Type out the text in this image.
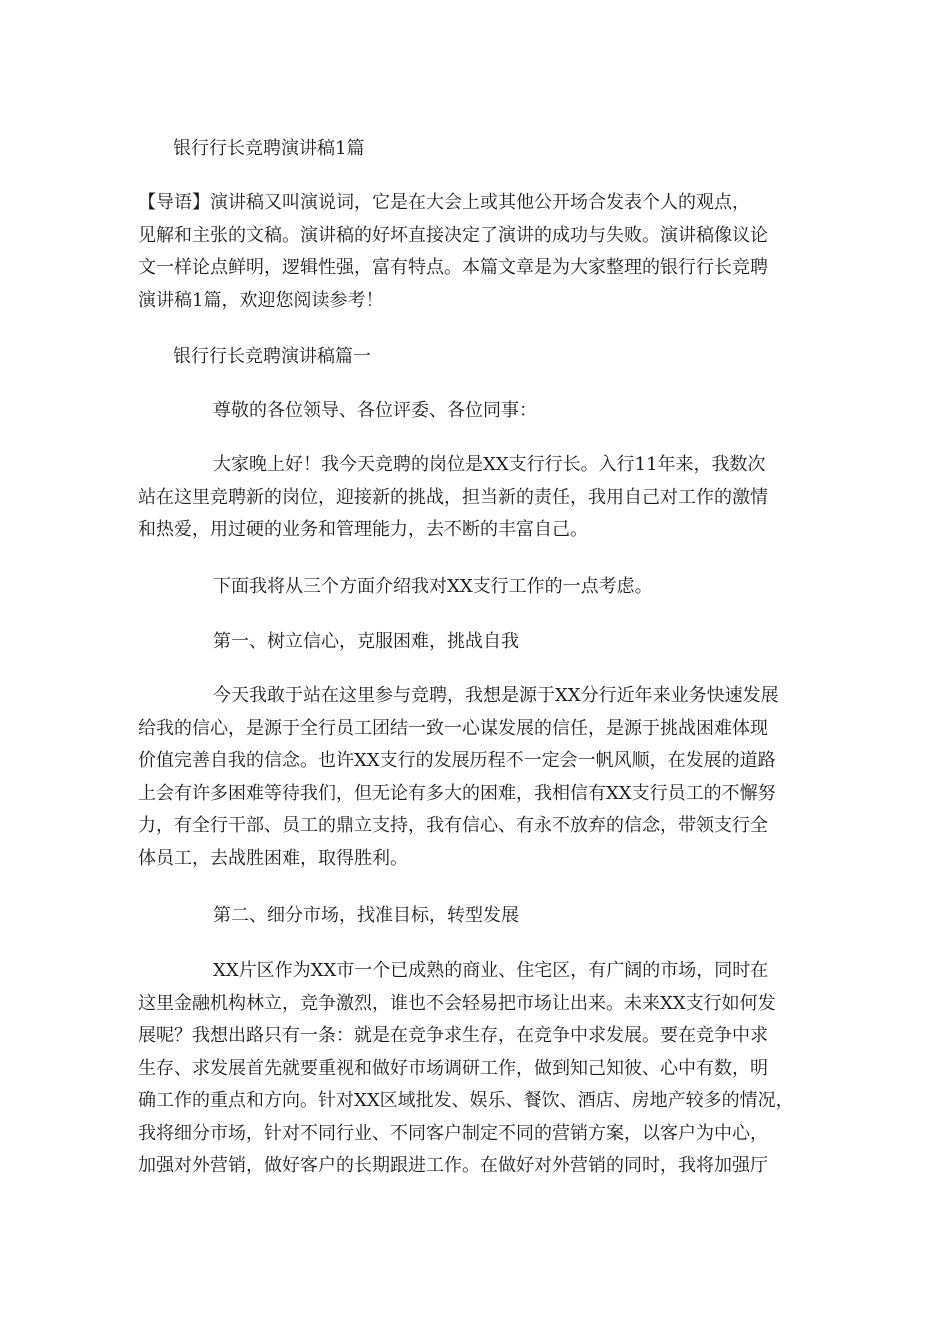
银行行长竞聘演讲稿1篇

【导语】演讲稿又叫演说词，它是在大会上或其他公开场合发表个人的观点，
见解和主张的文稿。演讲稿的好坏直接决定了演讲的成功与失败。演讲稿像议论
文一样论点鲜明，逻辑性强，富有特点。本篇文章是为大家整理的银行行长竞聘
演讲稿1篇，欢迎您阅读参考！

银行行长竞聘演讲稿篇一

尊敬的各位领导、各位评委、各位同事：

大家晚上好！我今天竞聘的岗位是XX支行行长。入行11年来，我数次
站在这里竞聘新的岗位，迎接新的挑战，担当新的责任，我用自己对工作的激情
和热爱，用过硬的业务和管理能力，去不断的丰富自己。

下面我将从三个方面介绍我对XX支行工作的一点考虑。

第一、树立信心，克服困难，挑战自我

今天我敢于站在这里参与竞聘，我想是源于XX分行近年来业务快速发展
给我的信心，是源于全行员工团结一致一心谋发展的信任，是源于挑战困难体现
价值完善自我的信念。也许XX支行的发展历程不一定会一帆风顺，在发展的道路
上会有许多困难等待我们，但无论有多大的困难，我相信有XX支行员工的不懈努
力，有全行干部、员工的鼎立支持，我有信心、有永不放弃的信念，带领支行全
体员工，去战胜困难，取得胜利。

第二、细分市场，找准目标，转型发展

XX片区作为XX市一个已成熟的商业、住宅区，有广阔的市场，同时在
这里金融机构林立，竞争激烈，谁也不会轻易把市场让出来。未来XX支行如何发
展呢？我想出路只有一条：就是在竞争求生存，在竞争中求发展。要在竞争中求
生存、求发展首先就要重视和做好市场调研工作，做到知己知彼、心中有数，明
确工作的重点和方向。针对XX区域批发、娱乐、餐饮、酒店、房地产较多的情况，
我将细分市场，针对不同行业、不同客户制定不同的营销方案，以客户为中心，
加强对外营销，做好客户的长期跟进工作。在做好对外营销的同时，我将加强厅
